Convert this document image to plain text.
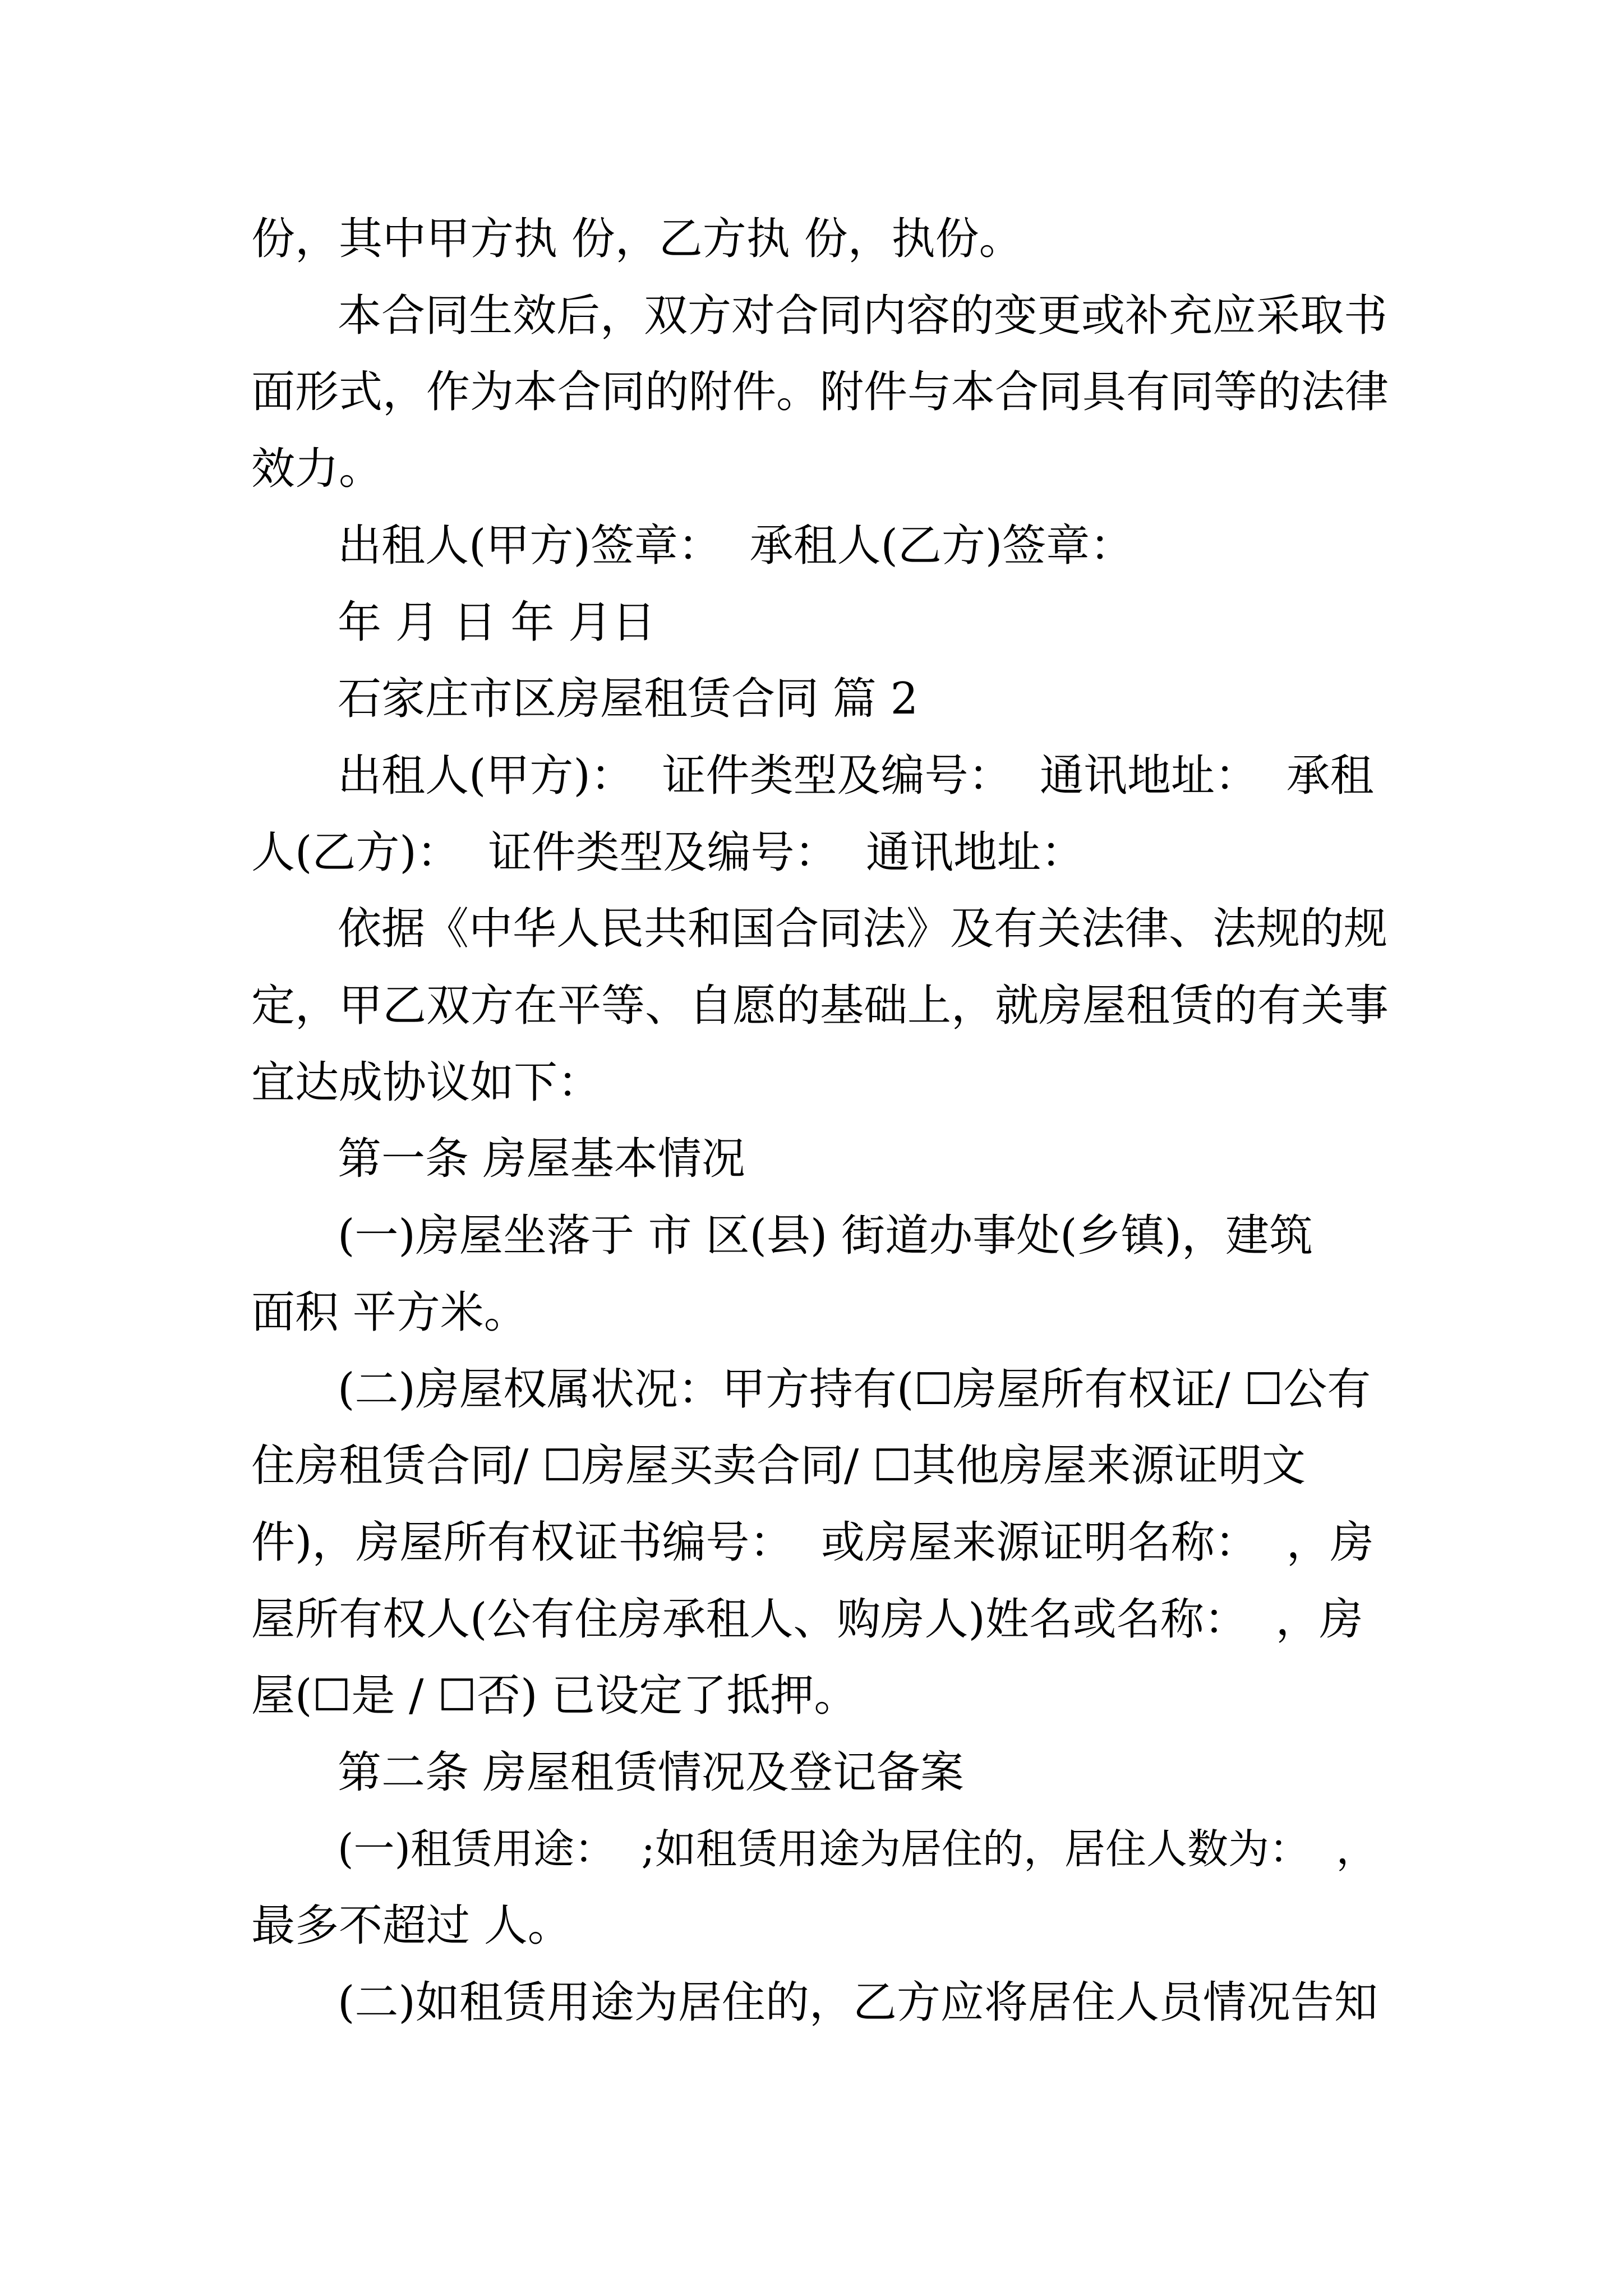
份，其中甲方执 份，乙方执 份，执份。
本合同生效后，双方对合同内容的变更或补充应采取书
面形式，作为本合同的附件。附件与本合同具有同等的法律
效力。
出租人(甲方)签章：  承租人(乙方)签章：
年 月 日 年 月日
石家庄市区房屋租赁合同 篇 2
出租人(甲方)：  证件类型及编号：  通讯地址：  承租
人(乙方)：  证件类型及编号：  通讯地址：
依据《中华人民共和国合同法》及有关法律、法规的规
定，甲乙双方在平等、自愿的基础上，就房屋租赁的有关事
宜达成协议如下：
第一条 房屋基本情况
(一)房屋坐落于 市 区(县) 街道办事处(乡镇)，建筑
面积 平方米。
(二)房屋权属状况：甲方持有(☐房屋所有权证/ ☐公有
住房租赁合同/ ☐房屋买卖合同/ ☐其他房屋来源证明文
件)，房屋所有权证书编号：  或房屋来源证明名称：  ，房
屋所有权人(公有住房承租人、购房人)姓名或名称：  ，房
屋(☐是 / ☐否) 已设定了抵押。
第二条 房屋租赁情况及登记备案
(一)租赁用途：  ;如租赁用途为居住的，居住人数为：  ，
最多不超过 人。
(二)如租赁用途为居住的，乙方应将居住人员情况告知
